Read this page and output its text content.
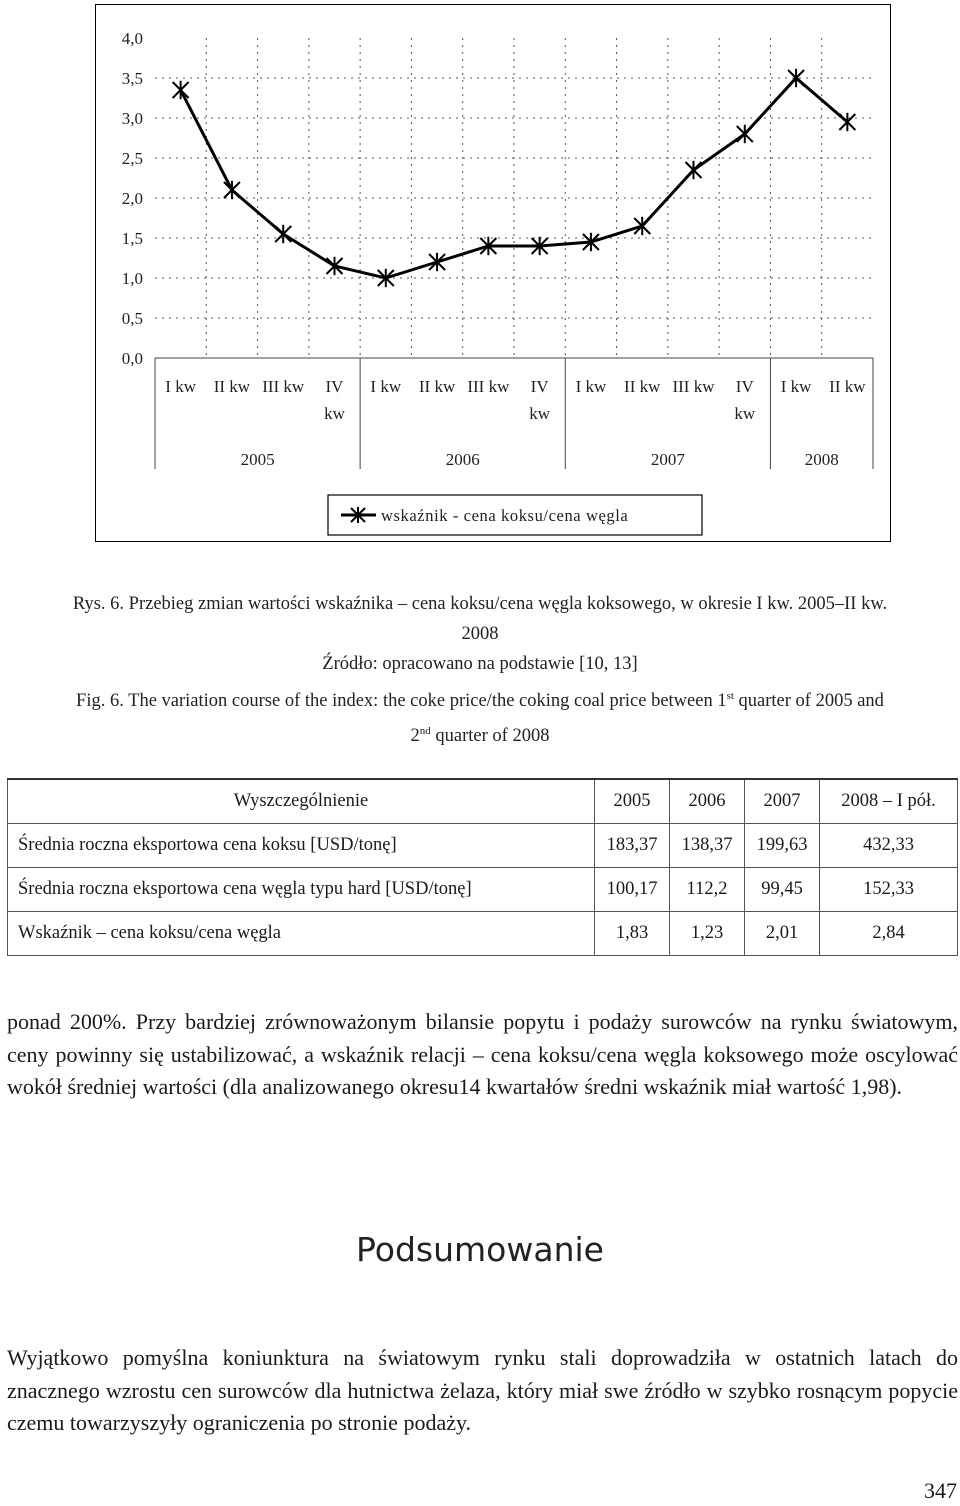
4,0
3,5
3,0
2,5
2,0
1,5
1,0
0,5
0,0
I kw II kw III kw IV
kw
I kw II kw III kw IV
kw
I kw II kw III kw IV
kw
I kw II kw
2005	2006	2007	2008
wskaźnik - cena koksu/cena węgla
Rys. 6. Przebieg zmian wartości wskaźnika – cena koksu/cena węgla koksowego, w okresie I kw. 2005–II kw.
2008
Źródło: opracowano na podstawie [10, 13]
Fig. 6. The variation course of the index: the coke price/the coking coal price between 1st quarter of 2005 and
2nd quarter of 2008
Wyszczególnienie	2005	2006	2007	2008 – I pół.
Średnia roczna eksportowa cena koksu [USD/tonę]	183,37	138,37	199,63	432,33
Średnia roczna eksportowa cena węgla typu hard [USD/tonę]	100,17	112,2	99,45	152,33
Wskaźnik – cena koksu/cena węgla	1,83	1,23	2,01	2,84
ponad 200%. Przy bardziej zrównoważonym bilansie popytu i podaży surowców na rynku światowym, ceny powinny się ustabilizować, a wskaźnik relacji – cena koksu/cena węgla koksowego może oscylować wokół średniej wartości (dla analizowanego okresu14 kwartałów średni wskaźnik miał wartość 1,98).
Podsumowanie
Wyjątkowo pomyślna koniunktura na światowym rynku stali doprowadziła w ostatnich latach do znacznego wzrostu cen surowców dla hutnictwa żelaza, który miał swe źródło w szybko rosnącym popycie czemu towarzyszyły ograniczenia po stronie podaży.
347
